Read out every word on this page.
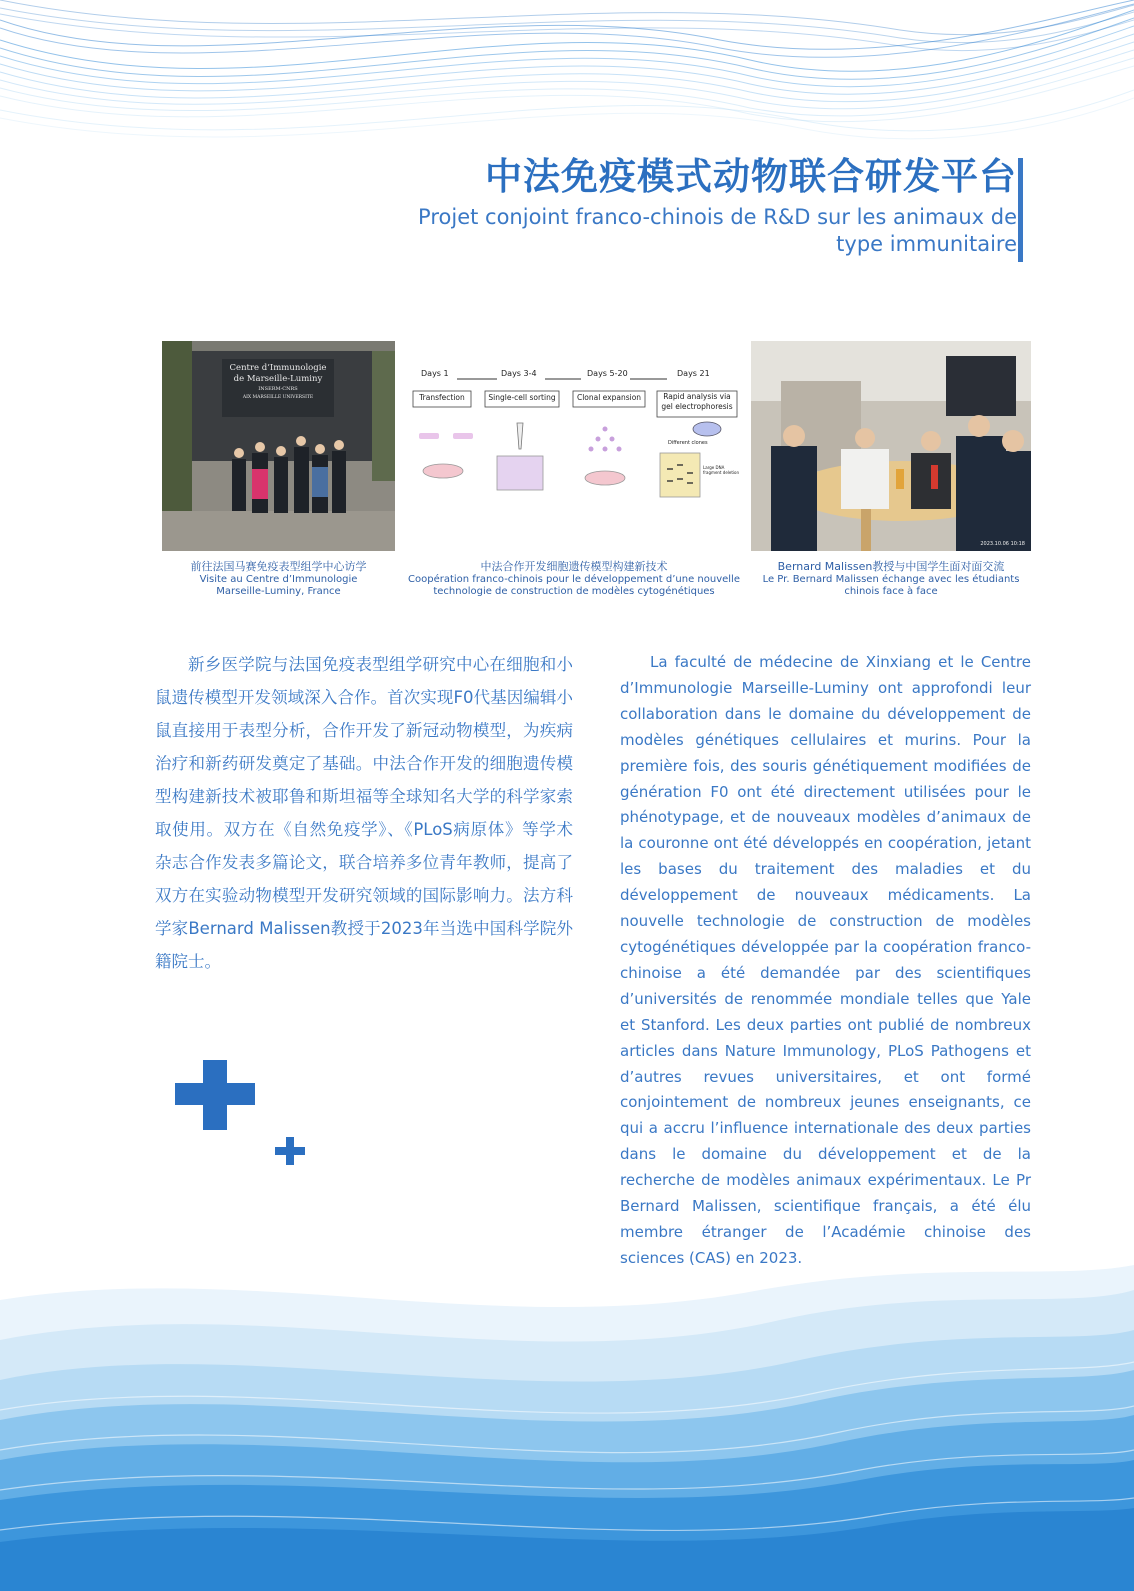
中法免疫模式动物联合研发平台
Projet conjoint franco-chinois de R&D sur les animaux de
type immunitaire
Centre d’Immunologie
de Marseille-Luminy
INSERM-CNRS
AIX MARSEILLE UNIVERSITE
Days 1	Days 3-4	Days 5-20	Days 21
Transfection	Single-cell sorting	Clonal expansion	Rapid analysis via
gel electrophoresis
Different clones
Large DNA
fragment deletion
2023.10.06 10:18
前往法国马赛免疫表型组学中心访学
Visite au Centre d’Immunologie
Marseille-Luminy, France
中法合作开发细胞遗传模型构建新技术
Coopération franco-chinois pour le développement d’une nouvelle
technologie de construction de modèles cytogénétiques
Bernard Malissen教授与中国学生面对面交流
Le Pr. Bernard Malissen échange avec les étudiants
chinois face à face

新乡医学院与法国免疫表型组学研究中心在细胞和小鼠遗传模型开发领域深入合作。首次实现F0代基因编辑小鼠直接用于表型分析，合作开发了新冠动物模型，为疾病治疗和新药研发奠定了基础。中法合作开发的细胞遗传模型构建新技术被耶鲁和斯坦福等全球知名大学的科学家索取使用。双方在《自然免疫学》、《PLoS病原体》等学术杂志合作发表多篇论文，联合培养多位青年教师，提高了双方在实验动物模型开发研究领域的国际影响力。法方科学家Bernard Malissen教授于2023年当选中国科学院外籍院士。

La faculté de médecine de Xinxiang et le Centre d’Immunologie Marseille-Luminy ont approfondi leur collaboration dans le domaine du développement de modèles génétiques cellulaires et murins. Pour la première fois, des souris génétiquement modifiées de génération F0 ont été directement utilisées pour le phénotypage, et de nouveaux modèles d’animaux de la couronne ont été développés en coopération, jetant les bases du traitement des maladies et du développement de nouveaux médicaments. La nouvelle technologie de construction de modèles cytogénétiques développée par la coopération franco-chinoise a été demandée par des scientifiques d’universités de renommée mondiale telles que Yale et Stanford. Les deux parties ont publié de nombreux articles dans Nature Immunology, PLoS Pathogens et d’autres revues universitaires, et ont formé conjointement de nombreux jeunes enseignants, ce qui a accru l’influence internationale des deux parties dans le domaine du développement et de la recherche de modèles animaux expérimentaux. Le Pr Bernard Malissen, scientifique français, a été élu membre étranger de l’Académie chinoise des sciences (CAS) en 2023.
